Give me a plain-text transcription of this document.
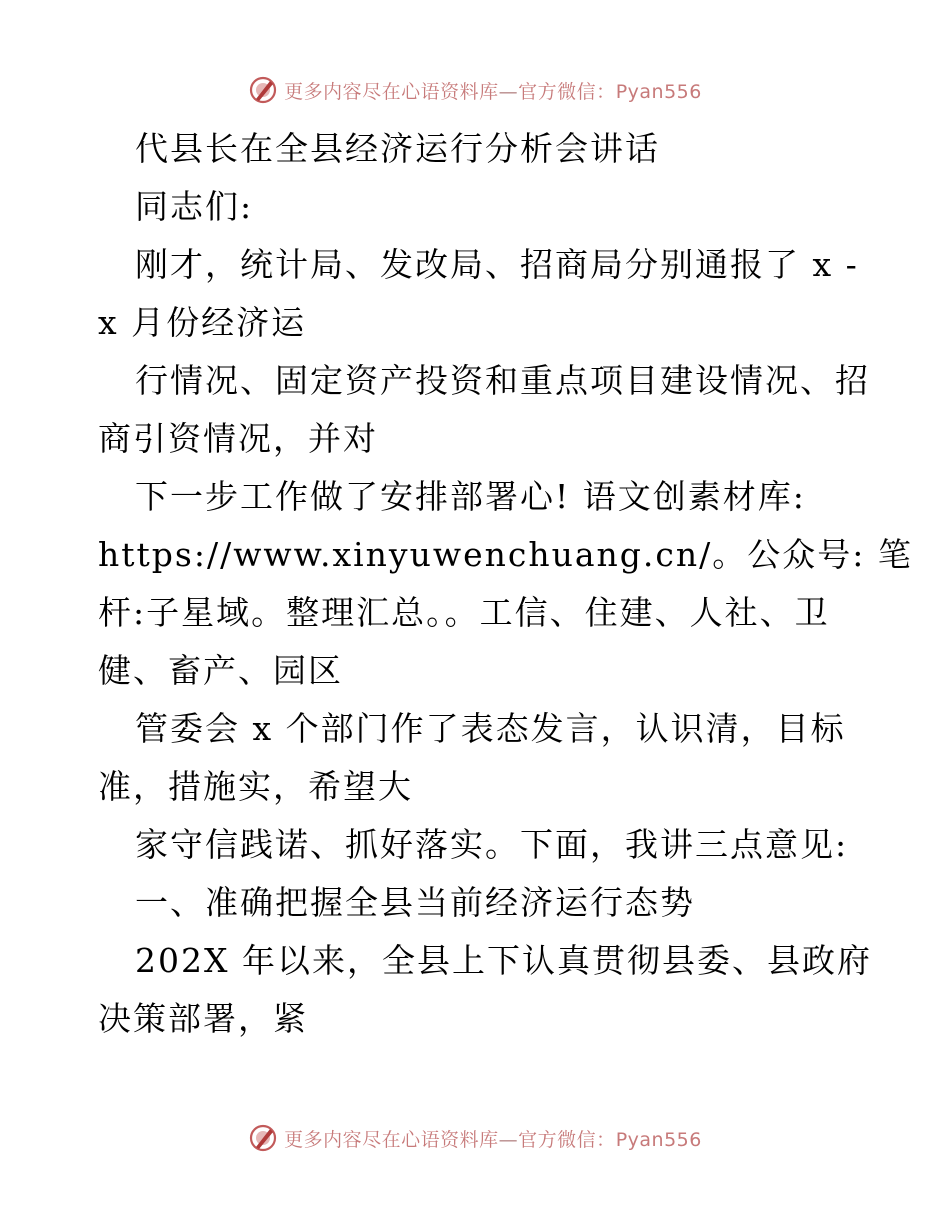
更多内容尽在心语资料库—官方微信：Pyan556
代县长在全县经济运行分析会讲话
同志们:
刚才，统计局、发改局、招商局分别通报了 x -
x 月份经济运
行情况、固定资产投资和重点项目建设情况、招
商引资情况，并对
下一步工作做了安排部署心! 语文创素材库:
https://www.xinyuwenchuang.cn/。公众号: 笔
杆:子星域。整理汇总。。工信、住建、人社、卫
健、畜产、园区
管委会 x 个部门作了表态发言，认识清，目标
准，措施实，希望大
家守信践诺、抓好落实。下面，我讲三点意见:
一、准确把握全县当前经济运行态势
202X 年以来，全县上下认真贯彻县委、县政府
决策部署，紧
更多内容尽在心语资料库—官方微信：Pyan556
